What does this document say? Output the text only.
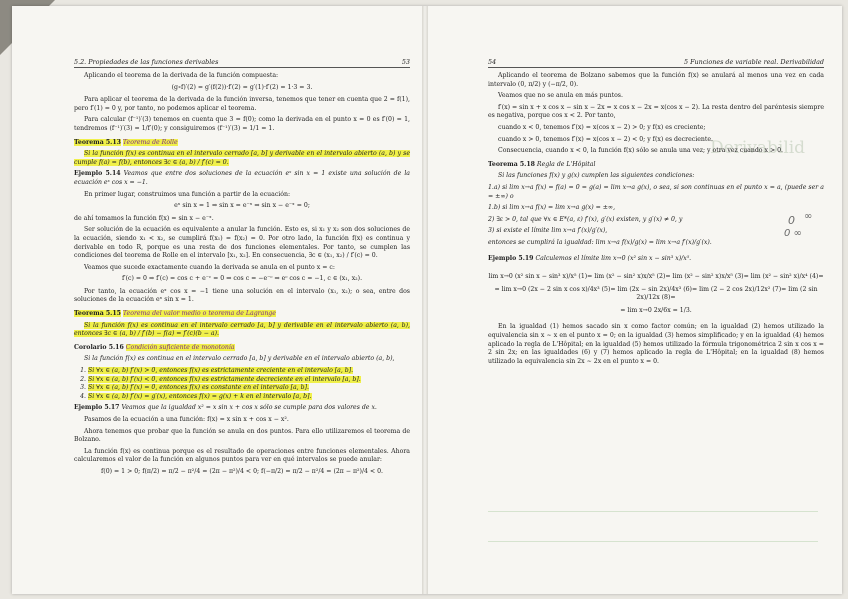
5.2. Propiedades de las funciones derivables	53

Aplicando el teorema de la derivada de la función compuesta:

(g∘f)′(2) = g′(f(2))·f′(2) = g′(1)·f′(2) = 1·3 = 3.

Para aplicar el teorema de la derivada de la función inversa, tenemos que tener en cuenta que 2 = f(1), pero f′(1) = 0 y, por tanto, no podemos aplicar el teorema.

Para calcular (f⁻¹)′(3) tenemos en cuenta que 3 = f(0); como la derivada en el punto x = 0 es f′(0) = 1, tendremos (f⁻¹)′(3) = 1/f′(0); y consiguiremos (f⁻¹)′(3) = 1/1 = 1.

Teorema 5.13 Teorema de Rolle

Si la función f(x) es continua en el intervalo cerrado [a, b] y derivable en el intervalo abierto (a, b) y se cumple f(a) = f(b), entonces ∃c ∈ (a, b) / f′(c) = 0.

Ejemplo 5.14 Veamos que entre dos soluciones de la ecuación eˣ sin x = 1 existe una solución de la ecuación eˣ cos x = −1.

En primer lugar, construimos una función a partir de la ecuación:

eˣ sin x = 1 ⇒ sin x = e⁻ˣ ⇒ sin x − e⁻ˣ = 0;

de ahí tomamos la función f(x) = sin x − e⁻ˣ.

Ser solución de la ecuación es equivalente a anular la función. Esto es, si x₁ y x₂ son dos soluciones de la ecuación, siendo x₁ < x₂, se cumplirá f(x₁) = f(x₂) = 0. Por otro lado, la función f(x) es continua y derivable en todo R, porque es una resta de dos funciones elementales. Por tanto, se cumplen las condiciones del teorema de Rolle en el intervalo [x₁, x₂]. En consecuencia, ∃c ∈ (x₁, x₂) / f′(c) = 0.

Veamos que sucede exactamente cuando la derivada se anula en el punto x = c:

f′(c) = 0 ⇒ f′(c) = cos c + e⁻ᶜ = 0 ⇒ cos c = −e⁻ᶜ ⇒ eᶜ cos c = −1, c ∈ (x₁, x₂).

Por tanto, la ecuación eˣ cos x = −1 tiene una solución en el intervalo (x₁, x₂); o sea, entre dos soluciones de la ecuación eˣ sin x = 1.

Teorema 5.15 Teorema del valor medio o teorema de Lagrange

Si la función f(x) es continua en el intervalo cerrado [a, b] y derivable en el intervalo abierto (a, b), entonces ∃c ∈ (a, b) / f′(b) − f(a) = f′(c)(b − a).

Corolario 5.16 Condición suficiente de monotonía

Si la función f(x) es continua en el intervalo cerrado [a, b] y derivable en el intervalo abierto (a, b),

1. Si ∀x ∈ (a, b) f′(x) > 0, entonces f(x) es estrictamente creciente en el intervalo [a, b].
2. Si ∀x ∈ (a, b) f′(x) < 0, entonces f(x) es estrictamente decreciente en el intervalo [a, b].
3. Si ∀x ∈ (a, b) f′(x) = 0, entonces f(x) es constante en el intervalo [a, b].
4. Si ∀x ∈ (a, b) f′(x) = g′(x), entonces f(x) = g(x) + k en el intervalo [a, b].

Ejemplo 5.17 Veamos que la igualdad x² = x sin x + cos x sólo se cumple para dos valores de x.

Pasamos de la ecuación a una función: f(x) = x sin x + cos x − x².

Ahora tenemos que probar que la función se anula en dos puntos. Para ello utilizaremos el teorema de Bolzano.

La función f(x) es continua porque es el resultado de operaciones entre funciones elementales. Ahora calcularemos el valor de la función en algunos puntos para ver en qué intervalos se puede anular:

f(0) = 1 > 0; f(π/2) = π/2 − π²/4 = (2π − π²)/4 < 0; f(−π/2) = π/2 − π²/4 = (2π − π²)/4 < 0.

Derivabilid
54	5 Funciones de variable real. Derivabilidad

Aplicando el teorema de Bolzano sabemos que la función f(x) se anulará al menos una vez en cada intervalo (0, π/2) y (−π/2, 0).

Veamos que no se anula en más puntos.

f′(x) = sin x + x cos x − sin x − 2x = x cos x − 2x = x(cos x − 2). La resta dentro del paréntesis siempre es negativa, porque cos x < 2. Por tanto,

cuando x < 0, tenemos f′(x) = x(cos x − 2) > 0; y f(x) es creciente;

cuando x > 0, tenemos f′(x) = x(cos x − 2) < 0; y f(x) es decreciente.

Consecuencia, cuando x < 0, la función f(x) sólo se anula una vez; y otra vez cuando x > 0.

Teorema 5.18 Regla de L'Hôpital

Si las funciones f(x) y g(x) cumplen las siguientes condiciones:

1.a) si lim x→a f(x) = f(a) = 0 = g(a) = lim x→a g(x), o sea, si son continuas en el punto x = a, (puede ser a = ±∞) o

1.b) si lim x→a f(x) = lim x→a g(x) = ±∞,

2) ∃ε > 0, tal que ∀x ∈ E*(a, ε) f′(x), g′(x) existen, y g′(x) ≠ 0, y

3) si existe el límite lim x→a f′(x)/g′(x),

entonces se cumplirá la igualdad: lim x→a f(x)/g(x) = lim x→a f′(x)/g′(x).

Ejemplo 5.19 Calculemos el límite lim x→0 (x² sin x − sin³ x)/x⁵.

lim x→0 (x² sin x − sin³ x)/x⁵ (1)= lim (x² − sin² x)x/x⁵ (2)= lim (x² − sin² x)x/x⁵ (3)= lim (x² − sin² x)/x⁴ (4)=

= lim x→0 (2x − 2 sin x cos x)/4x³ (5)= lim (2x − sin 2x)/4x³ (6)= lim (2 − 2 cos 2x)/12x² (7)= lim (2 sin 2x)/12x (8)=

= lim x→0 2x/6x = 1/3.

En la igualdad (1) hemos sacado sin x como factor común; en la igualdad (2) hemos utilizado la equivalencia sin x ∼ x en el punto x = 0; en la igualdad (3) hemos simplificado; y en la igualdad (4) hemos aplicado la regla de L'Hôpital; en la igualdad (5) hemos utilizado la fórmula trigonométrica 2 sin x cos x = 2 sin 2x; en las igualdades (6) y (7) hemos aplicado la regla de L'Hôpital; en la igualdad (8) hemos utilizado la equivalencia sin 2x ∼ 2x en el punto x = 0.

0 ∞
0 ∞
